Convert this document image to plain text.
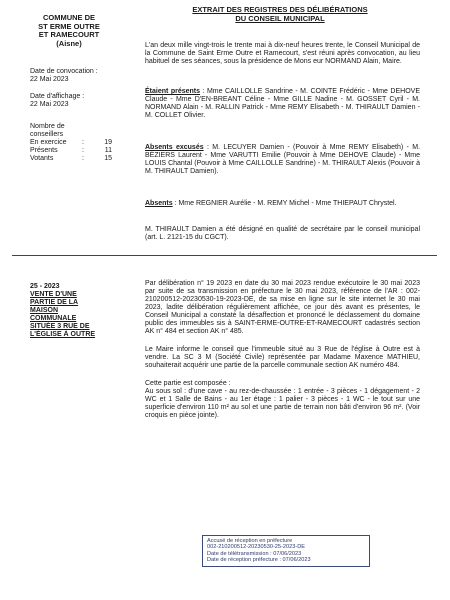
COMMUNE DE
ST ERME OUTRE
ET RAMECOURT
(Aisne)
EXTRAIT DES REGISTRES DES DÉLIBÉRATIONS
DU CONSEIL MUNICIPAL
Date de convocation :
22 Mai 2023
Date d'affichage :
22 Mai 2023
Nombre de
conseillers
En exercice	:	19
Présents	:	11
Votants	:	15
L'an deux mille vingt-trois le trente mai à dix-neuf heures trente, le Conseil Municipal de la Commune de Saint Erme Outre et Ramecourt, s'est réuni après convocation, au lieu habituel de ses séances, sous la présidence de Mons eur NORMAND Alain, Maire.
Étaient présents : Mme CAILLOLLE Sandrine - M. COINTE Frédéric - Mme DEHOVE Claude - Mme D'EN-BREANT Céline - Mme GILLE Nadine - M. GOSSET Cyril - M. NORMAND Alain - M. RALLIN Patrick - Mme REMY Elisabeth - M. THIRAULT Damien - M. COLLET Olivier.
Absents excusés : M. LECUYER Damien - (Pouvoir à Mme REMY Elisabeth) - M. BÉZIERS Laurent - Mme VARUTTI Emilie (Pouvoir à Mme DEHOVE Claude) - Mme LOUIS Chantal (Pouvoir à Mme CAILLOLLE Sandrine) - M. THIRAULT Alexis (Pouvoir à M. THIRAULT Damien).
Absents : Mme REGNIER Aurélie - M. REMY Michel - Mme THIEPAUT Chrystel.
M. THIRAULT Damien a été désigné en qualité de secrétaire par le conseil municipal (art. L. 2121-15 du CGCT).
25 - 2023
VENTE D'UNE
PARTIE DE LA
MAISON
COMMUNALE
SITUÉE 3 RUE DE
L'ÉGLISE À OUTRE

Par délibération n° 19 2023 en date du 30 mai 2023 rendue exécutoire le 30 mai 2023 par suite de sa transmission en préfecture le 30 mai 2023, référence de l'AR : 002-210200512-20230530-19-2023-DE, de sa mise en ligne sur le site internet le 30 mai 2023, ladite délibération régulièrement affichée, ce jour dès avant es présentes, le Conseil Municipal a constaté la désaffection et prononcé le déclassement du domaine public des immeubles sis à SAINT-ERME-OUTRE-ET-RAMECOURT cadastrés section AK n° 484 et section AK n° 485.

Le Maire informe le conseil que l'immeuble situé au 3 Rue de l'église à Outre est à vendre. La SC 3 M (Société Civile) représentée par Madame Maxence MATHIEU, souhaiterait acquérir une partie de la parcelle communale section AK numéro 484.

Cette partie est composée :

Au sous sol : d'une cave - au rez-de-chaussée : 1 entrée - 3 pièces - 1 dégagement - 2 WC et 1 Salle de Bains - au 1er étage : 1 palier - 3 pièces - 1 WC - le tout sur une superficie d'environ 110 m² au sol et une partie de terrain non bâti d'environ 96 m². (Voir croquis en pièce jointe).

Accusé de réception en préfecture
002-210200512-20230530-25-2023-DE
Date de télétransmission : 07/06/2023
Date de réception préfecture : 07/06/2023
